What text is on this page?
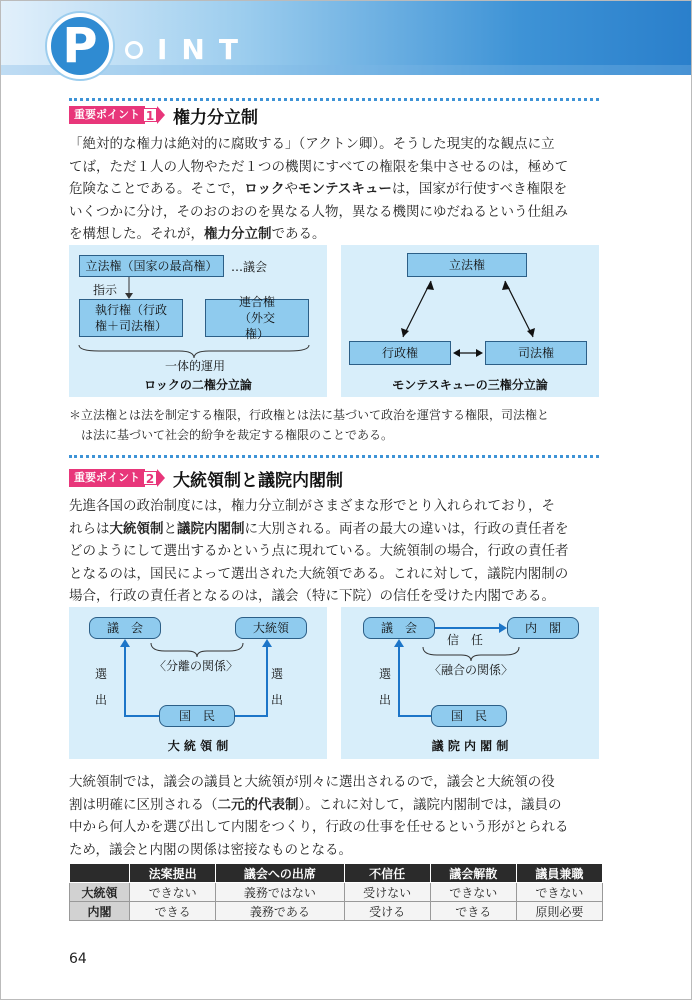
P	INT
重要ポイント 1 権力分立制
「絶対的な権力は絶対的に腐敗する」（アクトン卿）。そうした現実的な観点に立
てば，ただ１人の人物やただ１つの機関にすべての権限を集中させるのは，極めて
危険なことである。そこで，ロックやモンテスキューは，国家が行使すべき権限を
いくつかに分け，そのおのおのを異なる人物，異なる機関にゆだねるという仕組み
を構想した。それが，権力分立制である。
立法権（国家の最高権）	…議会
指示
執行権（行政権＋司法権）
連合権（外交権）
一体的運用
ロックの二権分立論
立法権
行政権	司法権
モンテスキューの三権分立論
＊立法権とは法を制定する権限，行政権とは法に基づいて政治を運営する権限，司法権と
は法に基づいて社会的紛争を裁定する権限のことである。
重要ポイント 2 大統領制と議院内閣制
先進各国の政治制度には，権力分立制がさまざまな形でとり入れられており，そ
れらは大統領制と議院内閣制に大別される。両者の最大の違いは，行政の責任者を
どのようにして選出するかという点に現れている。大統領制の場合，行政の責任者
となるのは，国民によって選出された大統領である。これに対して，議院内閣制の
場合，行政の責任者となるのは，議会（特に下院）の信任を受けた内閣である。
議　会	大統領
〈分離の関係〉
選出
選出
国　民
大 統 領 制
議　会	内　閣
信　任
〈融合の関係〉
選出
国　民
議 院 内 閣 制
大統領制では，議会の議員と大統領が別々に選出されるので，議会と大統領の役
割は明確に区別される（二元的代表制）。これに対して，議院内閣制では，議員の
中から何人かを選び出して内閣をつくり，行政の仕事を任せるという形がとられる
ため，議会と内閣の関係は密接なものとなる。
	法案提出	議会への出席	不信任	議会解散	議員兼職
大統領	できない	義務ではない	受けない	できない	できない
内閣	できる	義務である	受ける	できる	原則必要
64
